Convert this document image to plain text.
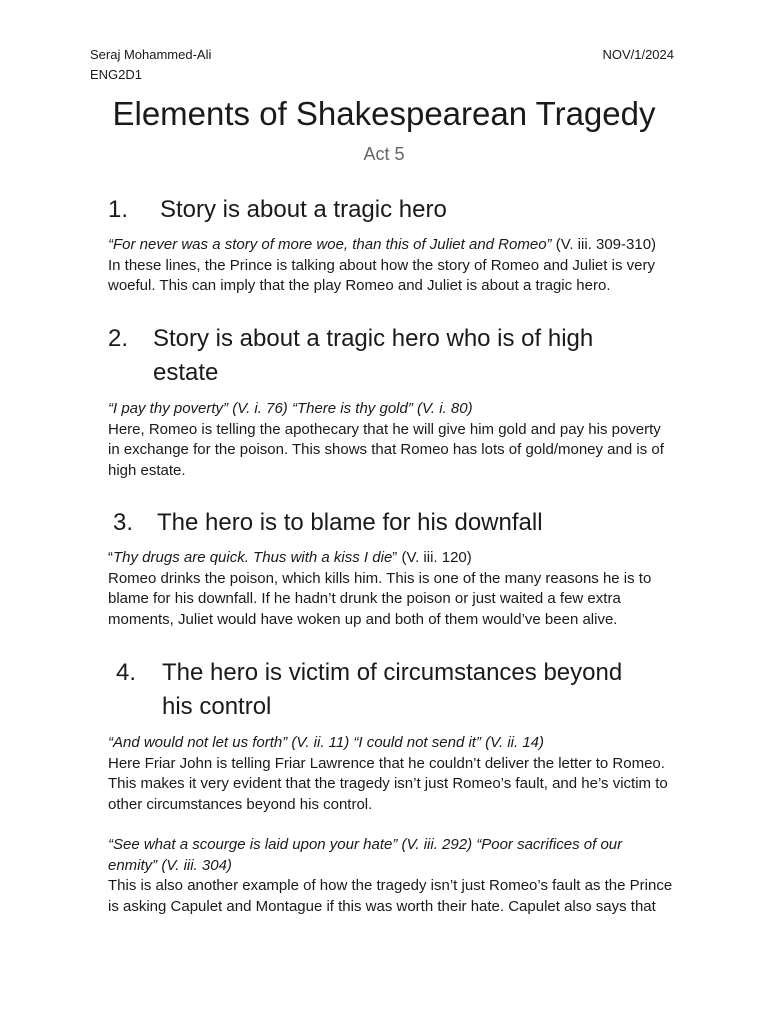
Seraj Mohammed-Ali
ENG2D1
NOV/1/2024
Elements of Shakespearean Tragedy
Act 5
1. Story is about a tragic hero
“For never was a story of more woe, than this of Juliet and Romeo” (V. iii. 309-310)
In these lines, the Prince is talking about how the story of Romeo and Juliet is very
woeful. This can imply that the play Romeo and Juliet is about a tragic hero.
2. Story is about a tragic hero who is of high
estate
“I pay thy poverty” (V. i. 76) “There is thy gold” (V. i. 80)
Here, Romeo is telling the apothecary that he will give him gold and pay his poverty
in exchange for the poison. This shows that Romeo has lots of gold/money and is of
high estate.
3. The hero is to blame for his downfall
“Thy drugs are quick. Thus with a kiss I die” (V. iii. 120)
Romeo drinks the poison, which kills him. This is one of the many reasons he is to
blame for his downfall. If he hadn’t drunk the poison or just waited a few extra
moments, Juliet would have woken up and both of them would’ve been alive.
4. The hero is victim of circumstances beyond
his control
“And would not let us forth” (V. ii. 11) “I could not send it” (V. ii. 14)
Here Friar John is telling Friar Lawrence that he couldn’t deliver the letter to Romeo.
This makes it very evident that the tragedy isn’t just Romeo’s fault, and he’s victim to
other circumstances beyond his control.
“See what a scourge is laid upon your hate” (V. iii. 292) “Poor sacrifices of our
enmity” (V. iii. 304)
This is also another example of how the tragedy isn’t just Romeo’s fault as the Prince
is asking Capulet and Montague if this was worth their hate. Capulet also says that
